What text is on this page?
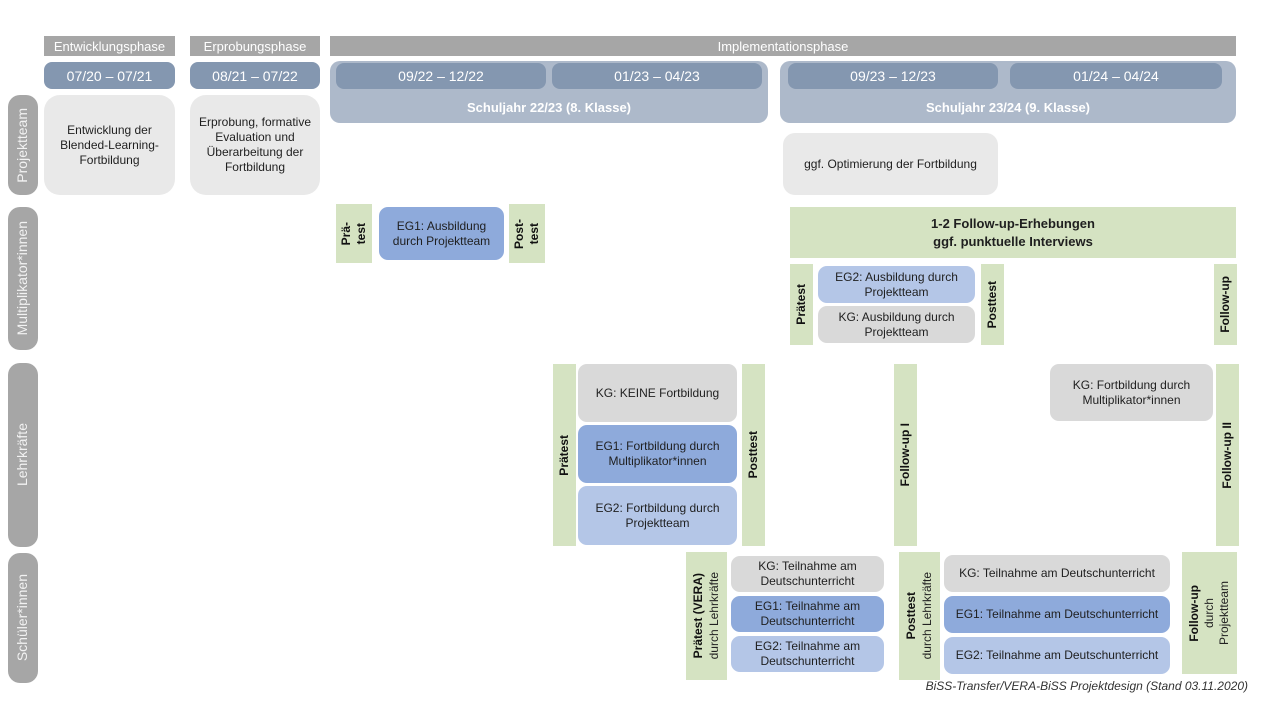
Entwicklungsphase	Erprobungsphase	Implementationsphase
07/20 – 07/21	08/21 – 07/22	09/22 – 12/22	01/23 – 04/23	09/23 – 12/23	01/24 – 04/24
Schuljahr 22/23 (8. Klasse)	Schuljahr 23/24 (9. Klasse)
Projektteam
Multiplikator*innen
Lehrkräfte
Schüler*innen
Entwicklung der Blended-Learning-Fortbildung
Erprobung, formative Evaluation und Überarbeitung der Fortbildung	ggf. Optimierung der Fortbildung
Prä- test	EG1: Ausbildung durch Projektteam	Post- test	1-2 Follow-up-Erhebungen
ggf. punktuelle Interviews
Prätest
EG2: Ausbildung durch Projektteam
KG: Ausbildung durch Projektteam
Posttest	Follow-up
Prätest
KG: KEINE Fortbildung
EG1: Fortbildung durch Multiplikator*innen
EG2: Fortbildung durch Projektteam
Posttest	Follow-up I
KG: Fortbildung durch Multiplikator*innen
Follow-up II
Prätest (VERA) durch Lehrkräfte
KG: Teilnahme am Deutschunterricht
EG1: Teilnahme am Deutschunterricht
EG2: Teilnahme am Deutschunterricht
Posttest durch Lehrkräfte	KG: Teilnahme am Deutschunterricht
EG1: Teilnahme am Deutschunterricht
EG2: Teilnahme am Deutschunterricht
Follow-up durch Projektteam
BiSS-Transfer/VERA-BiSS Projektdesign (Stand 03.11.2020)
